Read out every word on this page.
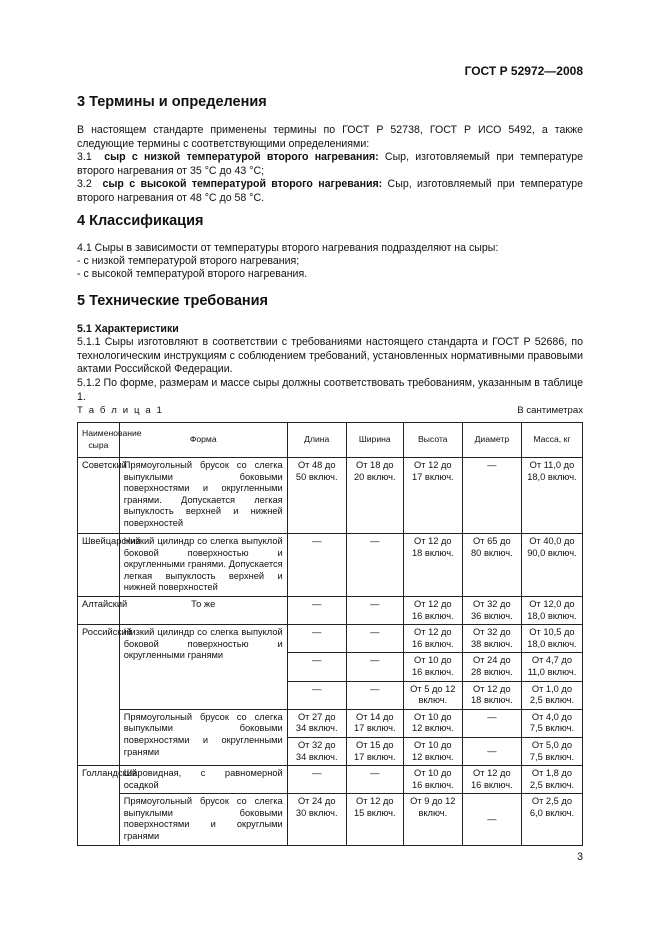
ГОСТ Р 52972—2008
3 Термины и определения

В настоящем стандарте применены термины по ГОСТ Р 52738, ГОСТ Р ИСО 5492, а также следующие термины с соответствующими определениями:

3.1  сыр с низкой температурой второго нагревания: Сыр, изготовляемый при температуре второго нагревания от 35 °С до 43 °С;

3.2  сыр с высокой температурой второго нагревания: Сыр, изготовляемый при температуре второго нагревания от 48 °С до 58 °С.

4 Классификация

4.1 Сыры в зависимости от температуры второго нагревания подразделяют на сыры:

- с низкой температурой второго нагревания;

- с высокой температурой второго нагревания.

5 Технические требования

5.1 Характеристики

5.1.1 Сыры изготовляют в соответствии с требованиями настоящего стандарта и ГОСТ Р 52686, по технологическим инструкциям с соблюдением требований, установленных нормативными правовыми актами Российской Федерации.

5.1.2 По форме, размерам и массе сыры должны соответствовать требованиям, указанным в таблице 1.

Т а б л и ц а 1	В сантиметрах
Наименование сыра	Форма	Длина	Ширина	Высота	Диаметр	Масса, кг
Советский	Прямоугольный брусок со слегка выпуклыми боковыми поверхностями и округленными гранями. Допускается легкая выпуклость верхней и нижней поверхностей	От 48 до 50 включ.	От 18 до 20 включ.	От 12 до 17 включ.	—	От 11,0 до 18,0 включ.
Швейцарский	Низкий цилиндр со слегка выпуклой боковой поверхностью и округленными гранями. Допускается легкая выпуклость верхней и нижней поверхностей	—	—	От 12 до 18 включ.	От 65 до 80 включ.	От 40,0 до 90,0 включ.
Алтайский	То же	—	—	От 12 до 16 включ.	От 32 до 36 включ.	От 12,0 до 18,0 включ.
Российский	Низкий цилиндр со слегка выпуклой боковой поверхностью и округленными гранями	—	—	От 12 до 16 включ.	От 32 до 38 включ.	От 10,5 до 18,0 включ.
		—	—	От 10 до 16 включ.	От 24 до 28 включ.	От 4,7 до 11,0 включ.
		—	—	От 5 до 12 включ.	От 12 до 18 включ.	От 1,0 до 2,5 включ.
	Прямоугольный брусок со слегка выпуклыми боковыми поверхностями и округленными гранями	От 27 до 34 включ.	От 14 до 17 включ.	От 10 до 12 включ.	—	От 4,0 до 7,5 включ.
		От 32 до 34 включ.	От 15 до 17 включ.	От 10 до 12 включ.	—	От 5,0 до 7,5 включ.
Голландский	Шаровидная, с равномерной осадкой	—	—	От 10 до 16 включ.	От 12 до 16 включ.	От 1,8 до 2,5 включ.
	Прямоугольный брусок со слегка выпуклыми боковыми поверхностями и округлыми гранями	От 24 до 30 включ.	От 12 до 15 включ.	От 9 до 12 включ.	—	От 2,5 до 6,0 включ.
3
